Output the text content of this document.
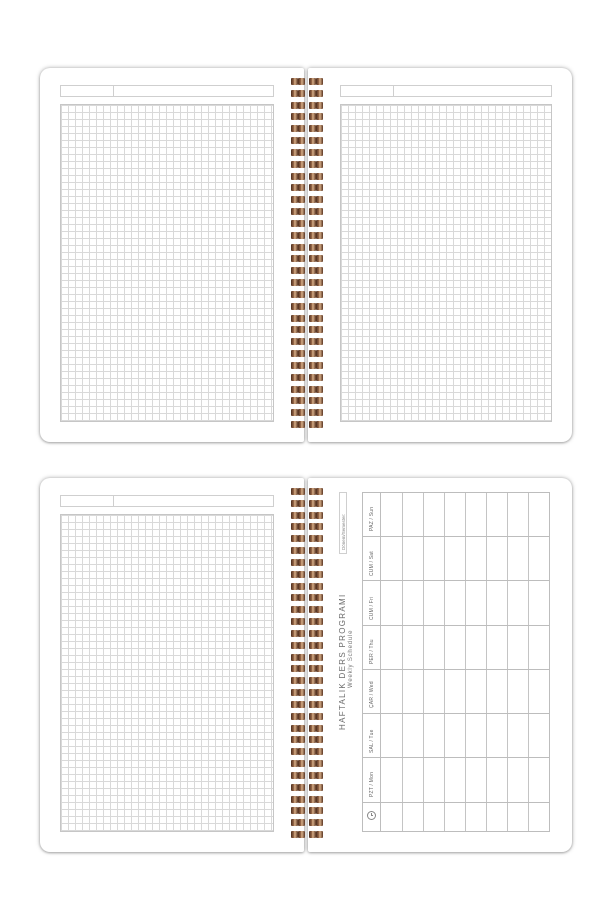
Dönem/Semester:
HAFTALIK DERS PROGRAMI Weekly Schedule
PAZ / Sun
CUM / Sat
CUM / Fri
PER / Thu
ÇAR / Wed
SAL / Tue
PZT / Mon
